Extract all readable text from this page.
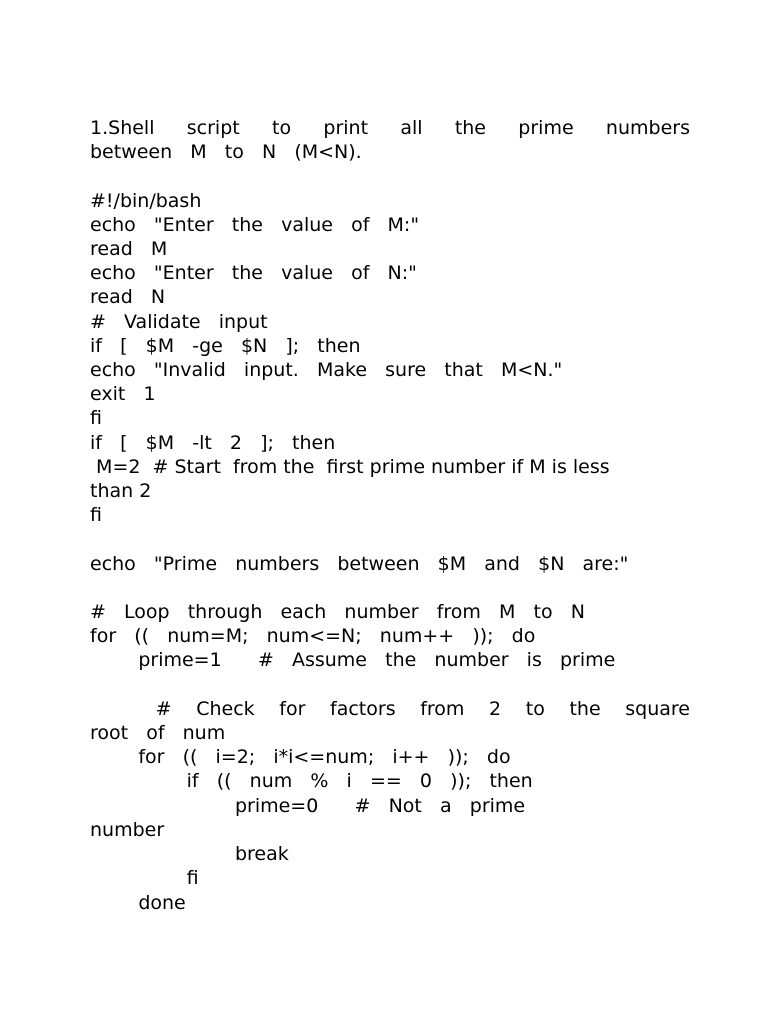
1.Shell   script   to   print   all   the   prime   numbers
between   M   to   N   (M<N).

#!/bin/bash
echo   "Enter   the   value   of   M:"
read   M
echo   "Enter   the   value   of   N:"
read   N
#   Validate   input
if   [   $M   -ge   $N   ];   then
echo   "Invalid   input.   Make   sure   that   M<N."
exit   1
fi
if   [   $M   -lt   2   ];   then
M=2  # Start  from the  first prime number if M is less
than 2
fi

echo   "Prime   numbers   between   $M   and   $N   are:"

#   Loop   through   each   number   from   M   to   N
for   ((   num=M;   num<=N;   num++   ));   do
prime=1      #   Assume   the   number   is   prime

#   Check   for   factors   from   2   to   the   square
root   of   num
for   ((   i=2;   i*i<=num;   i++   ));   do
if   ((   num   %   i   ==   0   ));   then
prime=0      #   Not   a   prime
number
break
fi
done
